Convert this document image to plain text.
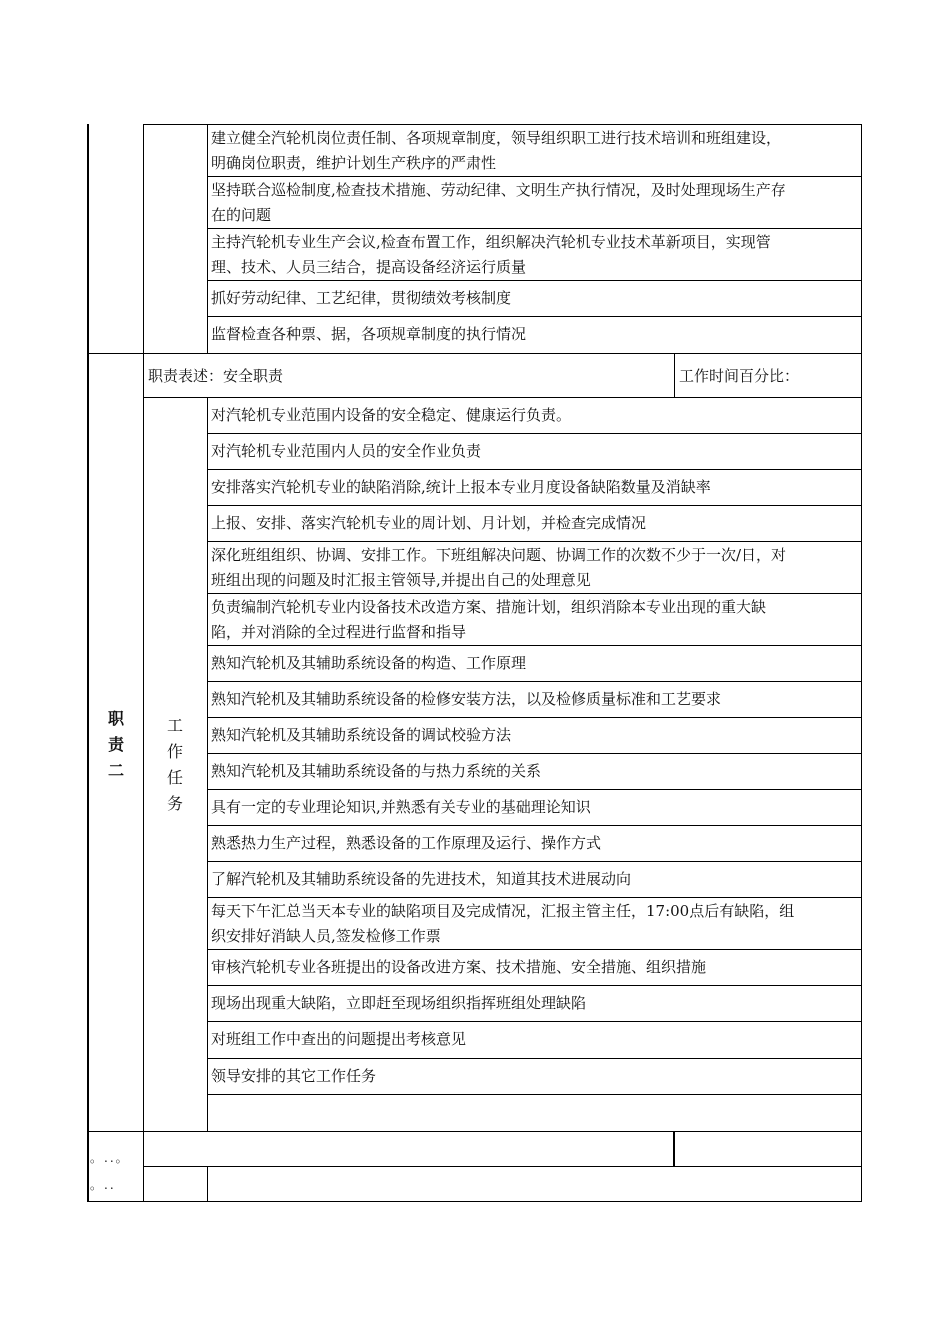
建立健全汽轮机岗位责任制、各项规章制度，领导组织职工进行技术培训和班组建设，
明确岗位职责，维护计划生产秩序的严肃性
坚持联合巡检制度,检查技术措施、劳动纪律、文明生产执行情况，及时处理现场生产存
在的问题
主持汽轮机专业生产会议,检查布置工作，组织解决汽轮机专业技术革新项目，实现管
理、技术、人员三结合，提高设备经济运行质量
抓好劳动纪律、工艺纪律，贯彻绩效考核制度
监督检查各种票、据，各项规章制度的执行情况
职责表述：安全职责	工作时间百分比：
职
责
二
工
作
任
务
对汽轮机专业范围内设备的安全稳定、健康运行负责。
对汽轮机专业范围内人员的安全作业负责
安排落实汽轮机专业的缺陷消除,统计上报本专业月度设备缺陷数量及消缺率
上报、安排、落实汽轮机专业的周计划、月计划，并检查完成情况
深化班组组织、协调、安排工作。下班组解决问题、协调工作的次数不少于一次/日，对
班组出现的问题及时汇报主管领导,并提出自己的处理意见
负责编制汽轮机专业内设备技术改造方案、措施计划，组织消除本专业出现的重大缺
陷，并对消除的全过程进行监督和指导
熟知汽轮机及其辅助系统设备的构造、工作原理
熟知汽轮机及其辅助系统设备的检修安装方法，以及检修质量标准和工艺要求
熟知汽轮机及其辅助系统设备的调试校验方法
熟知汽轮机及其辅助系统设备的与热力系统的关系
具有一定的专业理论知识,并熟悉有关专业的基础理论知识
熟悉热力生产过程，熟悉设备的工作原理及运行、操作方式
了解汽轮机及其辅助系统设备的先进技术，知道其技术进展动向
每天下午汇总当天本专业的缺陷项目及完成情况，汇报主管主任，17:00点后有缺陷，组
织安排好消缺人员,签发检修工作票
审核汽轮机专业各班提出的设备改进方案、技术措施、安全措施、组织措施
现场出现重大缺陷，立即赶至现场组织指挥班组处理缺陷
对班组工作中查出的问题提出考核意见
领导安排的其它工作任务
。..。
。..
